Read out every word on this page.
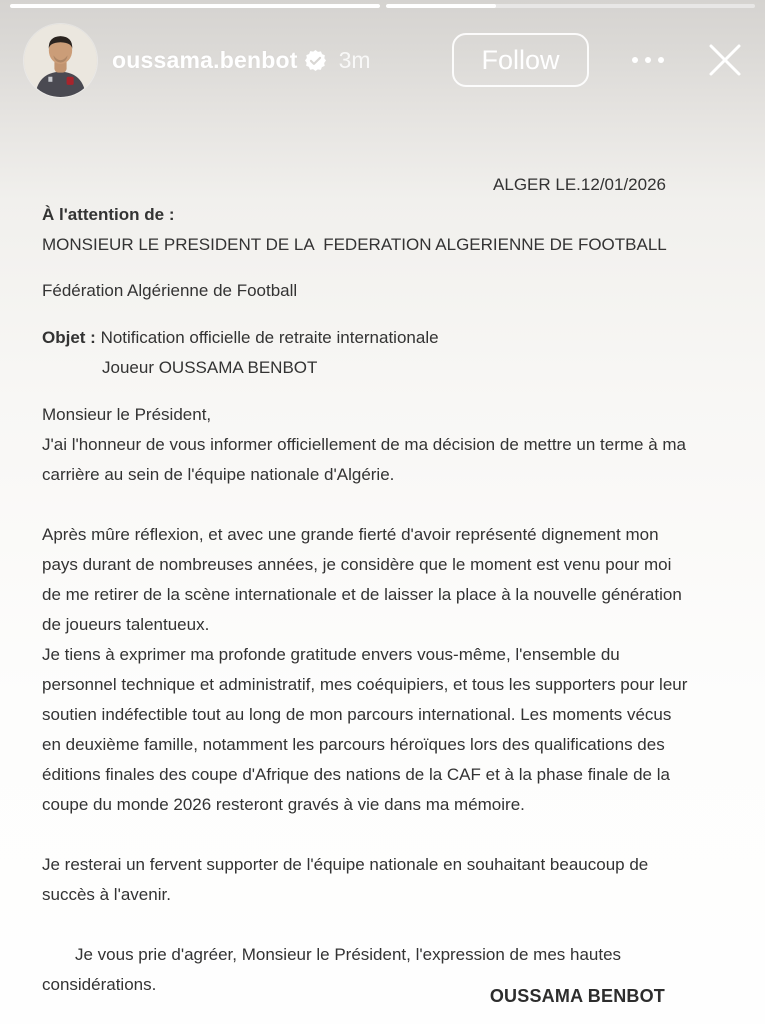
oussama.benbot 3m	Follow

ALGER LE.12/01/2026

À l'attention de :

MONSIEUR LE PRESIDENT DE LA  FEDERATION ALGERIENNE DE FOOTBALL

Fédération Algérienne de Football

Objet : Notification officielle de retraite internationale

Joueur OUSSAMA BENBOT

Monsieur le Président,

J'ai l'honneur de vous informer officiellement de ma décision de mettre un terme à ma carrière au sein de l'équipe nationale d'Algérie.

Après mûre réflexion, et avec une grande fierté d'avoir représenté dignement mon pays durant de nombreuses années, je considère que le moment est venu pour moi de me retirer de la scène internationale et de laisser la place à la nouvelle génération de joueurs talentueux.

Je tiens à exprimer ma profonde gratitude envers vous-même, l'ensemble du personnel technique et administratif, mes coéquipiers, et tous les supporters pour leur soutien indéfectible tout au long de mon parcours international. Les moments vécus en deuxième famille, notamment les parcours héroïques lors des qualifications des éditions finales des coupe d'Afrique des nations de la CAF et à la phase finale de la coupe du monde 2026 resteront gravés à vie dans ma mémoire.

Je resterai un fervent supporter de l'équipe nationale en souhaitant beaucoup de succès à l'avenir.

Je vous prie d'agréer, Monsieur le Président, l'expression de mes hautes considérations.

OUSSAMA BENBOT
